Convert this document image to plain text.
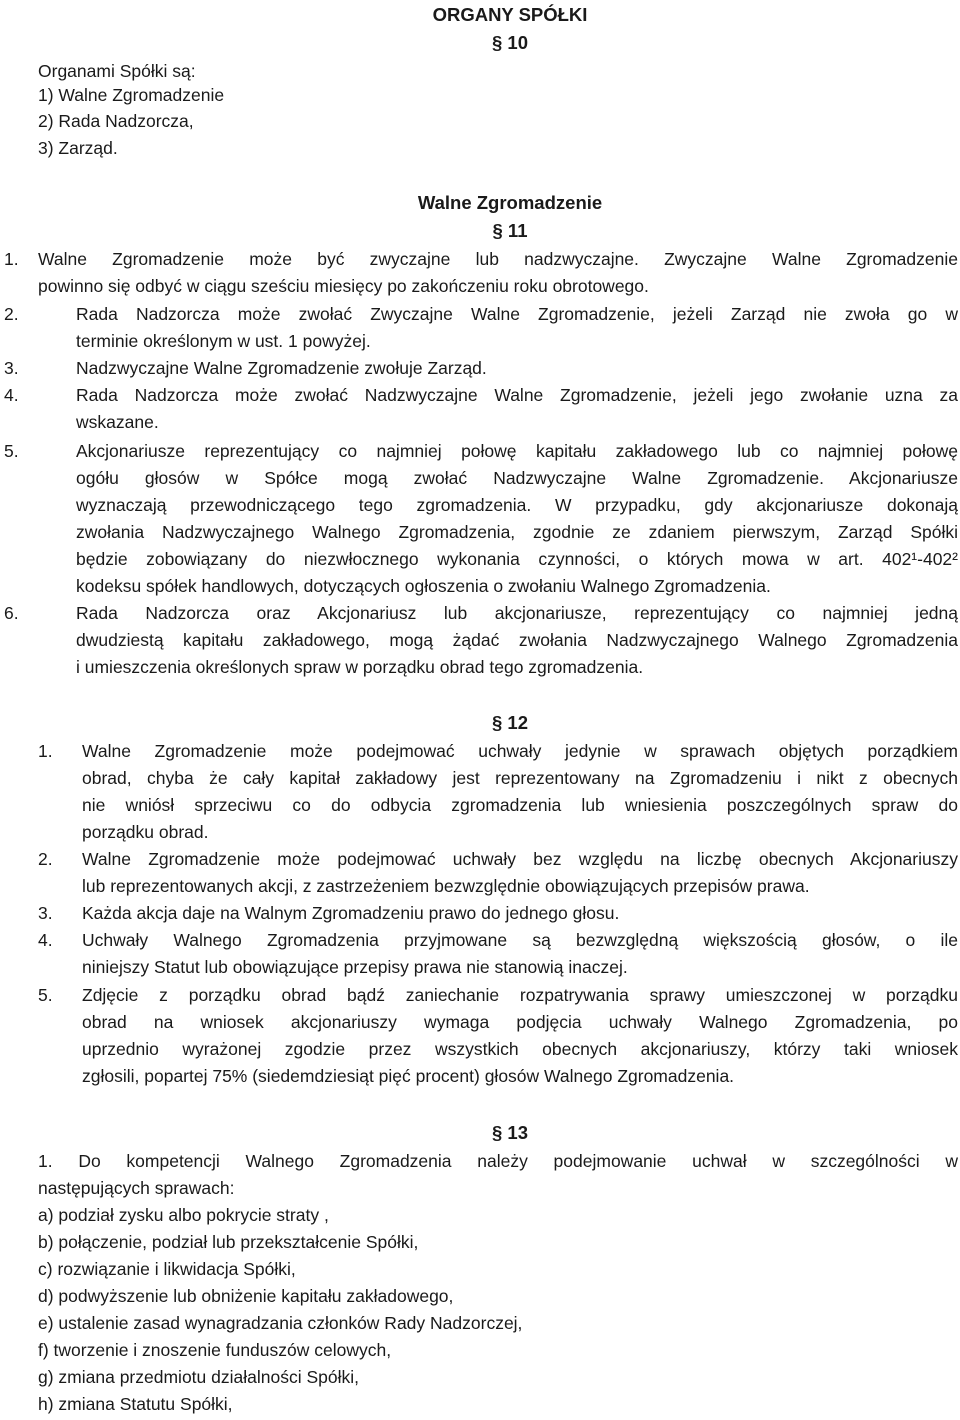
ORGANY SPÓŁKI
§ 10
Organami Spółki są:
1) Walne Zgromadzenie
2) Rada Nadzorcza,
3) Zarząd.
Walne Zgromadzenie
§ 11
1. Walne Zgromadzenie może być zwyczajne lub nadzwyczajne. Zwyczajne Walne Zgromadzenie
powinno się odbyć w ciągu sześciu miesięcy po zakończeniu roku obrotowego.
2.	Rada Nadzorcza może zwołać Zwyczajne Walne Zgromadzenie, jeżeli Zarząd nie zwoła go w
terminie określonym w ust. 1 powyżej.
3.	Nadzwyczajne Walne Zgromadzenie zwołuje Zarząd.
4.	Rada Nadzorcza może zwołać Nadzwyczajne Walne Zgromadzenie, jeżeli jego zwołanie uzna za
wskazane.
5.	Akcjonariusze reprezentujący co najmniej połowę kapitału zakładowego lub co najmniej połowę
ogółu głosów w Spółce mogą zwołać Nadzwyczajne Walne Zgromadzenie. Akcjonariusze
wyznaczają przewodniczącego tego zgromadzenia. W przypadku, gdy akcjonariusze dokonają
zwołania Nadzwyczajnego Walnego Zgromadzenia, zgodnie ze zdaniem pierwszym, Zarząd Spółki
będzie zobowiązany do niezwłocznego wykonania czynności, o których mowa w art. 402¹-402²
kodeksu spółek handlowych, dotyczących ogłoszenia o zwołaniu Walnego Zgromadzenia.
6.	Rada Nadzorcza oraz Akcjonariusz lub akcjonariusze, reprezentujący co najmniej jedną
dwudziestą kapitału zakładowego, mogą żądać zwołania Nadzwyczajnego Walnego Zgromadzenia
i umieszczenia określonych spraw w porządku obrad tego zgromadzenia.
§ 12
1. Walne Zgromadzenie może podejmować uchwały jedynie w sprawach objętych porządkiem
obrad, chyba że cały kapitał zakładowy jest reprezentowany na Zgromadzeniu i nikt z obecnych
nie wniósł sprzeciwu co do odbycia zgromadzenia lub wniesienia poszczególnych spraw do
porządku obrad.
2. Walne Zgromadzenie może podejmować uchwały bez względu na liczbę obecnych Akcjonariuszy
lub reprezentowanych akcji, z zastrzeżeniem bezwzględnie obowiązujących przepisów prawa.
3. Każda akcja daje na Walnym Zgromadzeniu prawo do jednego głosu.
4. Uchwały Walnego Zgromadzenia przyjmowane są bezwzględną większością głosów, o ile
niniejszy Statut lub obowiązujące przepisy prawa nie stanowią inaczej.
5. Zdjęcie z porządku obrad bądź zaniechanie rozpatrywania sprawy umieszczonej w porządku
obrad na wniosek akcjonariuszy wymaga podjęcia uchwały Walnego Zgromadzenia, po
uprzednio wyrażonej zgodzie przez wszystkich obecnych akcjonariuszy, którzy taki wniosek
zgłosili, popartej 75% (siedemdziesiąt pięć procent) głosów Walnego Zgromadzenia.
§ 13
1. Do kompetencji Walnego Zgromadzenia należy podejmowanie uchwał w szczególności w
następujących sprawach:
a) podział zysku albo pokrycie straty ,
b) połączenie, podział lub przekształcenie Spółki,
c) rozwiązanie i likwidacja Spółki,
d) podwyższenie lub obniżenie kapitału zakładowego,
e) ustalenie zasad wynagradzania członków Rady Nadzorczej,
f) tworzenie i znoszenie funduszów celowych,
g) zmiana przedmiotu działalności Spółki,
h) zmiana Statutu Spółki,
